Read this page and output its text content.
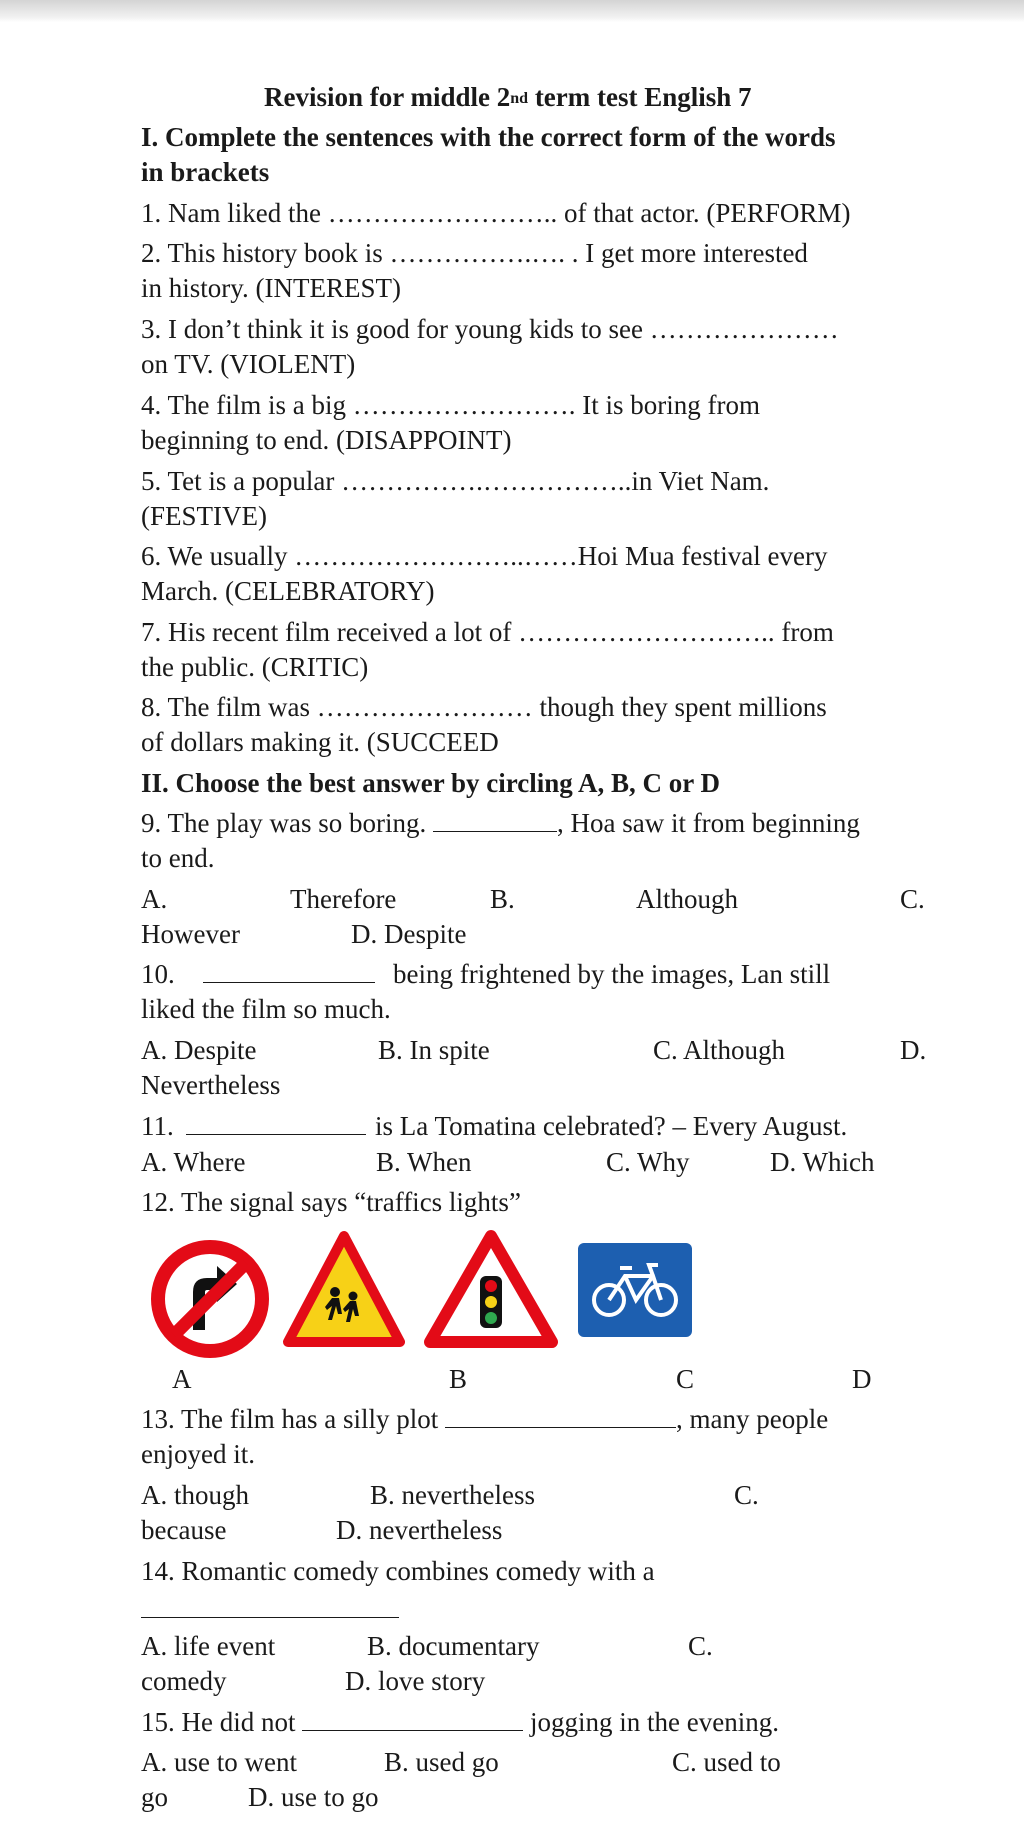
Revision for middle 2nd term test English 7
I. Complete the sentences with the correct form of the words
in brackets
1. Nam liked the …………………….. of that actor. (PERFORM)
2. This history book is …………….…. . I get more interested
in history. (INTEREST)
3. I don’t think it is good for young kids to see …………………
on TV. (VIOLENT)
4. The film is a big ……………………. It is boring from
beginning to end. (DISAPPOINT)
5. Tet is a popular …………….……………..in Viet Nam.
(FESTIVE)
6. We usually ……………………..……Hoi Mua festival every
March. (CELEBRATORY)
7. His recent film received a lot of ……………………….. from
the public. (CRITIC)
8. The film was …………………… though they spent millions
of dollars making it. (SUCCEED
II. Choose the best answer by circling A, B, C or D
9. The play was so boring.	, Hoa saw it from beginning
to end.
A.	Therefore	B.	Although	C.
However	D. Despite
10.	being frightened by the images, Lan still
liked the film so much.
A. Despite	B. In spite	C. Although	D.
Nevertheless
11.	is La Tomatina celebrated? – Every August.
A. Where	B. When	C. Why	D. Which
12. The signal says “traffics lights”
A	B	C	D
13. The film has a silly plot	, many people
enjoyed it.
A. though	B. nevertheless	C.
because	D. nevertheless
14. Romantic comedy combines comedy with a
A. life event	B. documentary	C.
comedy	D. love story
15. He did not	jogging in the evening.
A. use to went	B. used go	C. used to
go	D. use to go
